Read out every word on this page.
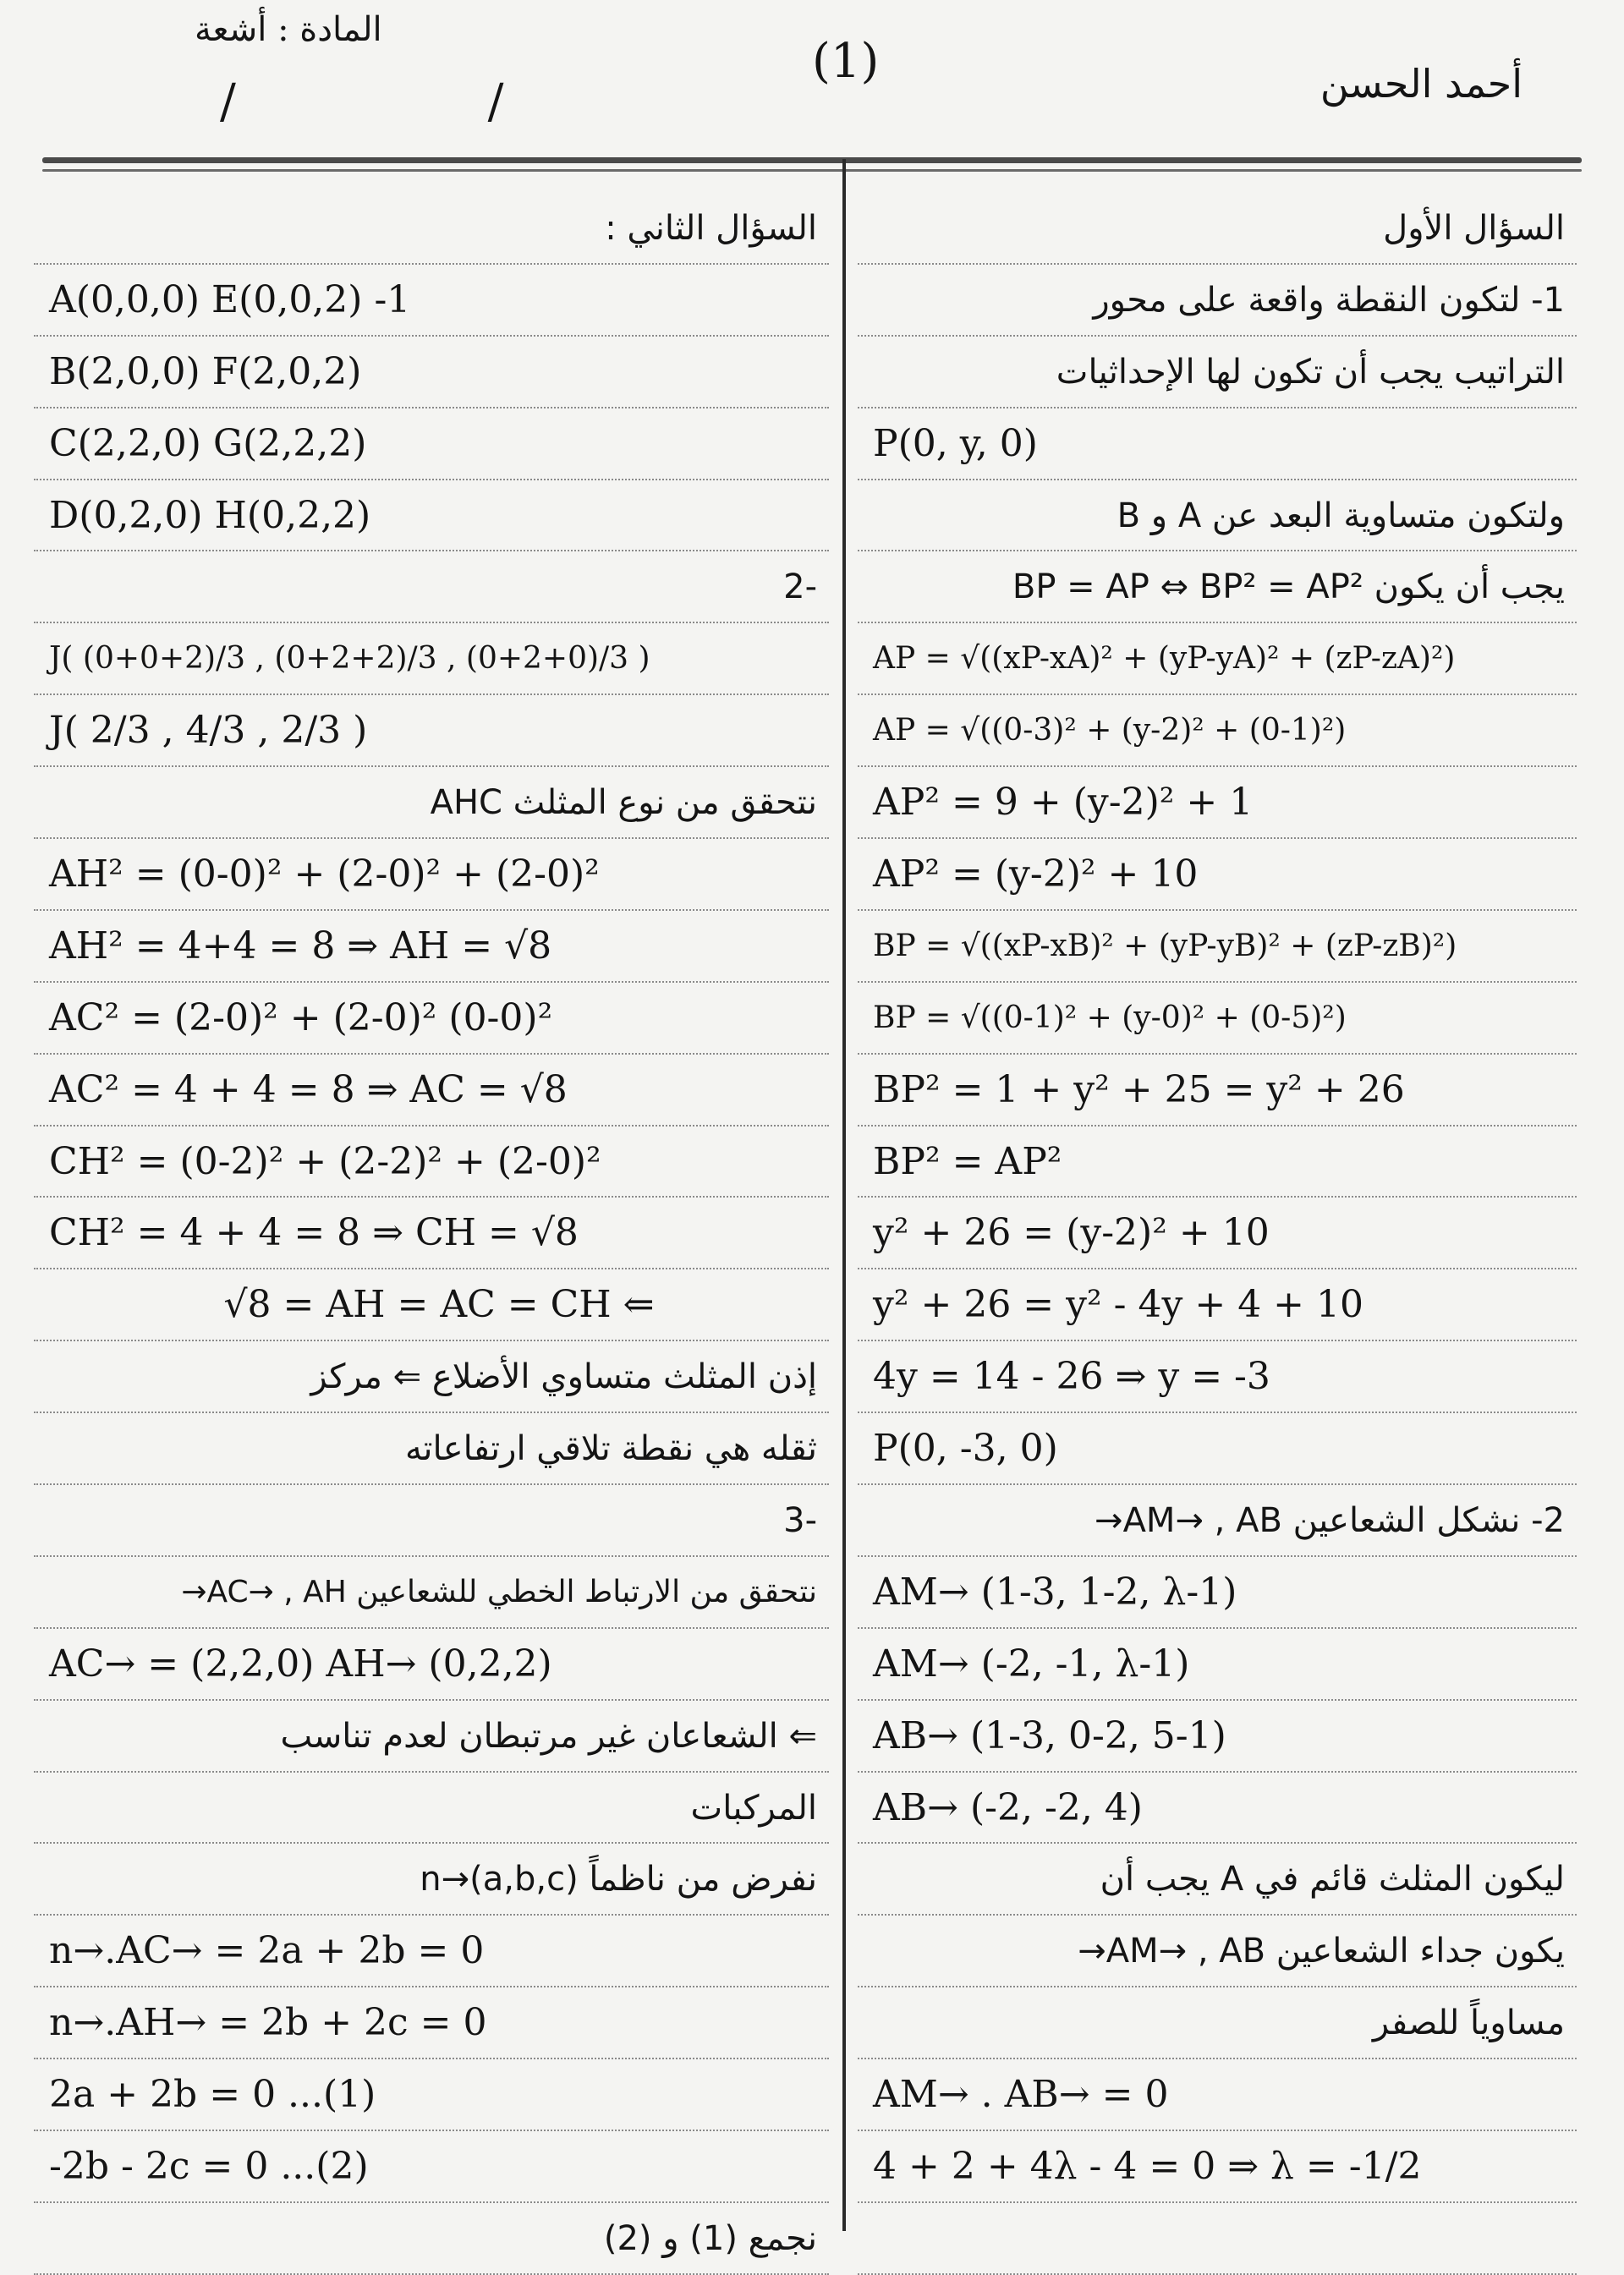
المادة : أشعة
/ /
(1)	أحمد الحسن
السؤال الثاني :
A(0,0,0) E(0,0,2) -1
B(2,0,0) F(2,0,2)
C(2,2,0) G(2,2,2)
D(0,2,0) H(0,2,2)
-2
J( (0+0+2)/3 , (0+2+2)/3 , (0+2+0)/3 )
J( 2/3 , 4/3 , 2/3 )
نتحقق من نوع المثلث AHC
AH² = (0-0)² + (2-0)² + (2-0)²
AH² = 4+4 = 8 ⇒ AH = √8
AC² = (2-0)² + (2-0)² (0-0)²
AC² = 4 + 4 = 8 ⇒ AC = √8
CH² = (0-2)² + (2-2)² + (2-0)²
CH² = 4 + 4 = 8 ⇒ CH = √8
√8 = AH = AC = CH ⇐
إذن المثلث متساوي الأضلاع ⇐ مركز
ثقله هي نقطة تلاقي ارتفاعاته
-3
نتحقق من الارتباط الخطي للشعاعين AC→ , AH→
AC→ = (2,2,0) AH→ (0,2,2)
⇐ الشعاعان غير مرتبطان لعدم تناسب
المركبات
نفرض من ناظماً n→(a,b,c)
n→.AC→ = 2a + 2b = 0
n→.AH→ = 2b + 2c = 0
2a + 2b = 0 ...(1)
-2b - 2c = 0 ...(2)
نجمع (1) و (2)
السؤال الأول
1- لتكون النقطة واقعة على محور
التراتيب يجب أن تكون لها الإحداثيات
P(0, y, 0)
ولتكون متساوية البعد عن A و B
يجب أن يكون BP = AP ⇔ BP² = AP²
AP = √((xP-xA)² + (yP-yA)² + (zP-zA)²)
AP = √((0-3)² + (y-2)² + (0-1)²)
AP² = 9 + (y-2)² + 1
AP² = (y-2)² + 10
BP = √((xP-xB)² + (yP-yB)² + (zP-zB)²)
BP = √((0-1)² + (y-0)² + (0-5)²)
BP² = 1 + y² + 25 = y² + 26
BP² = AP²
y² + 26 = (y-2)² + 10
y² + 26 = y² - 4y + 4 + 10
4y = 14 - 26 ⇒ y = -3
P(0, -3, 0)
2- نشكل الشعاعين AM→ , AB→
AM→ (1-3, 1-2, λ-1)
AM→ (-2, -1, λ-1)
AB→ (1-3, 0-2, 5-1)
AB→ (-2, -2, 4)
ليكون المثلث قائم في A يجب أن
يكون جداء الشعاعين AM→ , AB→
مساوياً للصفر
AM→ . AB→ = 0
4 + 2 + 4λ - 4 = 0 ⇒ λ = -1/2
